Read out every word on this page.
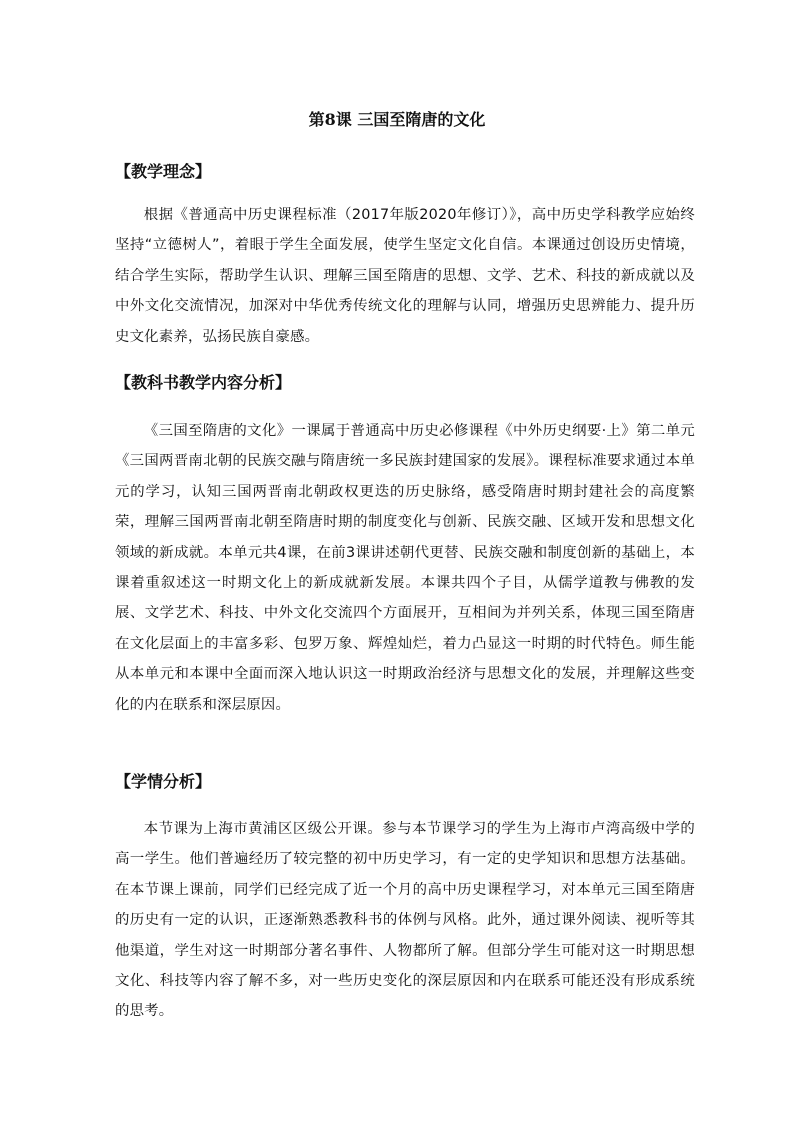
第8课 三国至隋唐的文化
【教学理念】

根据《普通高中历史课程标准（2017年版2020年修订）》，高中历史学科教学应始终坚持“立德树人”，着眼于学生全面发展，使学生坚定文化自信。本课通过创设历史情境，结合学生实际，帮助学生认识、理解三国至隋唐的思想、文学、艺术、科技的新成就以及中外文化交流情况，加深对中华优秀传统文化的理解与认同，增强历史思辨能力、提升历史文化素养，弘扬民族自豪感。

【教科书教学内容分析】

《三国至隋唐的文化》一课属于普通高中历史必修课程《中外历史纲要·上》第二单元《三国两晋南北朝的民族交融与隋唐统一多民族封建国家的发展》。课程标准要求通过本单元的学习，认知三国两晋南北朝政权更迭的历史脉络，感受隋唐时期封建社会的高度繁荣，理解三国两晋南北朝至隋唐时期的制度变化与创新、民族交融、区域开发和思想文化领域的新成就。本单元共4课，在前3课讲述朝代更替、民族交融和制度创新的基础上，本课着重叙述这一时期文化上的新成就新发展。本课共四个子目，从儒学道教与佛教的发展、文学艺术、科技、中外文化交流四个方面展开，互相间为并列关系，体现三国至隋唐在文化层面上的丰富多彩、包罗万象、辉煌灿烂，着力凸显这一时期的时代特色。师生能从本单元和本课中全面而深入地认识这一时期政治经济与思想文化的发展，并理解这些变化的内在联系和深层原因。

【学情分析】

本节课为上海市黄浦区区级公开课。参与本节课学习的学生为上海市卢湾高级中学的高一学生。他们普遍经历了较完整的初中历史学习，有一定的史学知识和思想方法基础。在本节课上课前，同学们已经完成了近一个月的高中历史课程学习，对本单元三国至隋唐的历史有一定的认识，正逐渐熟悉教科书的体例与风格。此外，通过课外阅读、视听等其他渠道，学生对这一时期部分著名事件、人物都所了解。但部分学生可能对这一时期思想文化、科技等内容了解不多，对一些历史变化的深层原因和内在联系可能还没有形成系统的思考。
